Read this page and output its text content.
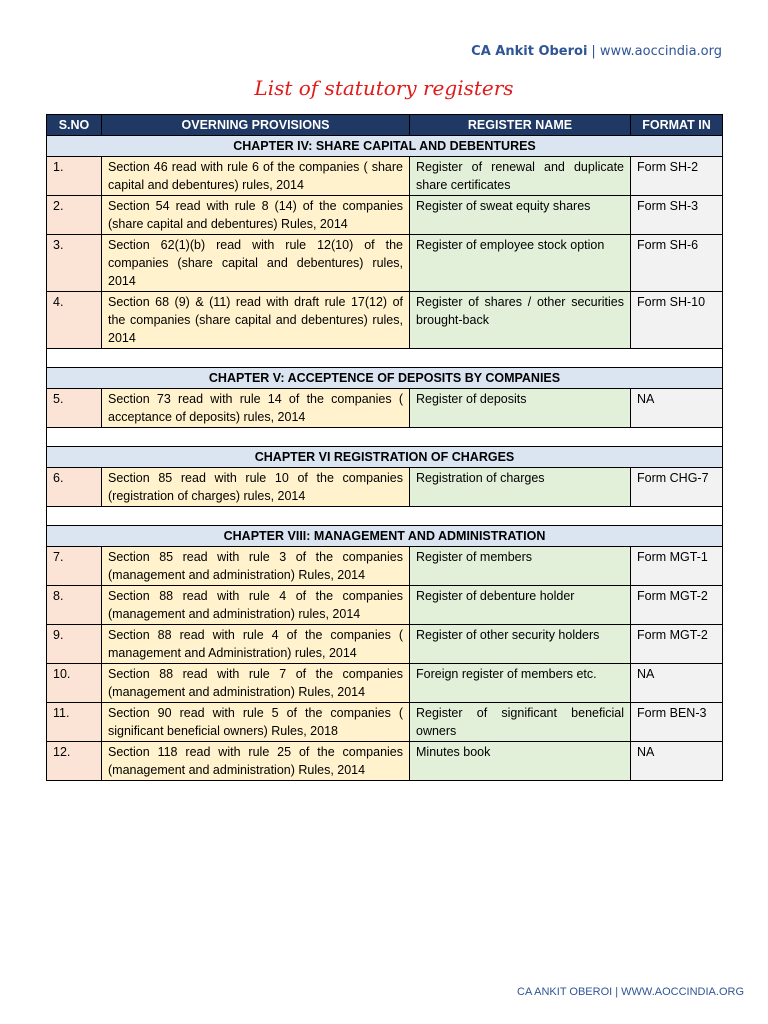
CA Ankit Oberoi | www.aoccindia.org
List of statutory registers
S.NO	OVERNING PROVISIONS	REGISTER NAME	FORMAT IN
CHAPTER IV: SHARE CAPITAL AND DEBENTURES			
1.	Section 46 read with rule 6 of the companies ( share capital and debentures) rules, 2014	Register of renewal and duplicate share certificates	Form SH-2
2.	Section 54 read with rule 8 (14) of the companies (share capital and debentures) Rules, 2014	Register of sweat equity shares	Form SH-3
3.	Section 62(1)(b) read with rule 12(10) of the companies (share capital and debentures) rules, 2014	Register of employee stock option	Form SH-6
4.	Section 68 (9) & (11) read with draft rule 17(12) of the companies (share capital and debentures) rules, 2014	Register of shares / other securities brought-back	Form SH-10

CHAPTER V: ACCEPTENCE OF DEPOSITS BY COMPANIES			
5.	Section 73 read with rule 14 of the companies ( acceptance of deposits) rules, 2014	Register of deposits	NA

CHAPTER VI REGISTRATION OF CHARGES			
6.	Section 85 read with rule 10 of the companies (registration of charges) rules, 2014	Registration of charges	Form CHG-7

CHAPTER VIII: MANAGEMENT AND ADMINISTRATION			
7.	Section 85 read with rule 3 of the companies (management and administration) Rules, 2014	Register of members	Form MGT-1
8.	Section 88 read with rule 4 of the companies (management and administration) rules, 2014	Register of debenture holder	Form MGT-2
9.	Section 88 read with rule 4 of the companies ( management and Administration) rules, 2014	Register of other security holders	Form MGT-2
10.	Section 88 read with rule 7 of the companies (management and administration) Rules, 2014	Foreign register of members etc.	NA
11.	Section 90 read with rule 5 of the companies ( significant beneficial owners) Rules, 2018	Register of significant beneficial owners	Form BEN-3
12.	Section 118 read with rule 25 of the companies (management and administration) Rules, 2014	Minutes book	NA
CA ANKIT OBEROI | WWW.AOCCINDIA.ORG
